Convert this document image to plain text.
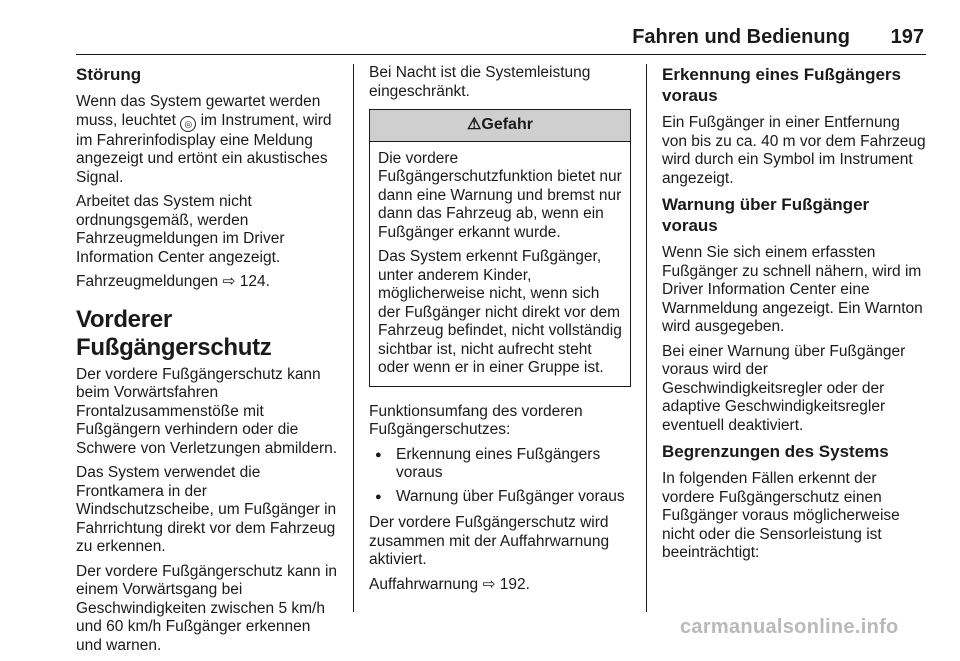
Fahren und Bedienung 197
Störung

Wenn das System gewartet werden muss, leuchtet ◎ im Instrument, wird im Fahrerinfodisplay eine Meldung angezeigt und ertönt ein akustisches Signal.

Arbeitet das System nicht ordnungsgemäß, werden Fahrzeugmeldungen im Driver Information Center angezeigt.

Fahrzeugmeldungen ⇨ 124.

Vorderer Fußgängerschutz

Der vordere Fußgängerschutz kann beim Vorwärtsfahren Frontalzusammenstöße mit Fußgängern verhindern oder die Schwere von Verletzungen abmildern.

Das System verwendet die Frontkamera in der Windschutzscheibe, um Fußgänger in Fahrrichtung direkt vor dem Fahrzeug zu erkennen.

Der vordere Fußgängerschutz kann in einem Vorwärtsgang bei Geschwindigkeiten zwischen 5 km/h und 60 km/h Fußgänger erkennen und warnen.

Bei Nacht ist die Systemleistung eingeschränkt.

⚠Gefahr

Die vordere Fußgängerschutzfunktion bietet nur dann eine Warnung und bremst nur dann das Fahrzeug ab, wenn ein Fußgänger erkannt wurde.

Das System erkennt Fußgänger, unter anderem Kinder, möglicherweise nicht, wenn sich der Fußgänger nicht direkt vor dem Fahrzeug befindet, nicht vollständig sichtbar ist, nicht aufrecht steht oder wenn er in einer Gruppe ist.

Funktionsumfang des vorderen Fußgängerschutzes:

● Erkennung eines Fußgängers voraus
● Warnung über Fußgänger voraus

Der vordere Fußgängerschutz wird zusammen mit der Auffahrwarnung aktiviert.

Auffahrwarnung ⇨ 192.

Erkennung eines Fußgängers voraus

Ein Fußgänger in einer Entfernung von bis zu ca. 40 m vor dem Fahrzeug wird durch ein Symbol im Instrument angezeigt.

Warnung über Fußgänger voraus

Wenn Sie sich einem erfassten Fußgänger zu schnell nähern, wird im Driver Information Center eine Warnmeldung angezeigt. Ein Warnton wird ausgegeben.

Bei einer Warnung über Fußgänger voraus wird der Geschwindigkeitsregler oder der adaptive Geschwindigkeitsregler eventuell deaktiviert.

Begrenzungen des Systems

In folgenden Fällen erkennt der vordere Fußgängerschutz einen Fußgänger voraus möglicherweise nicht oder die Sensorleistung ist beeinträchtigt:

carmanualsonline.info
